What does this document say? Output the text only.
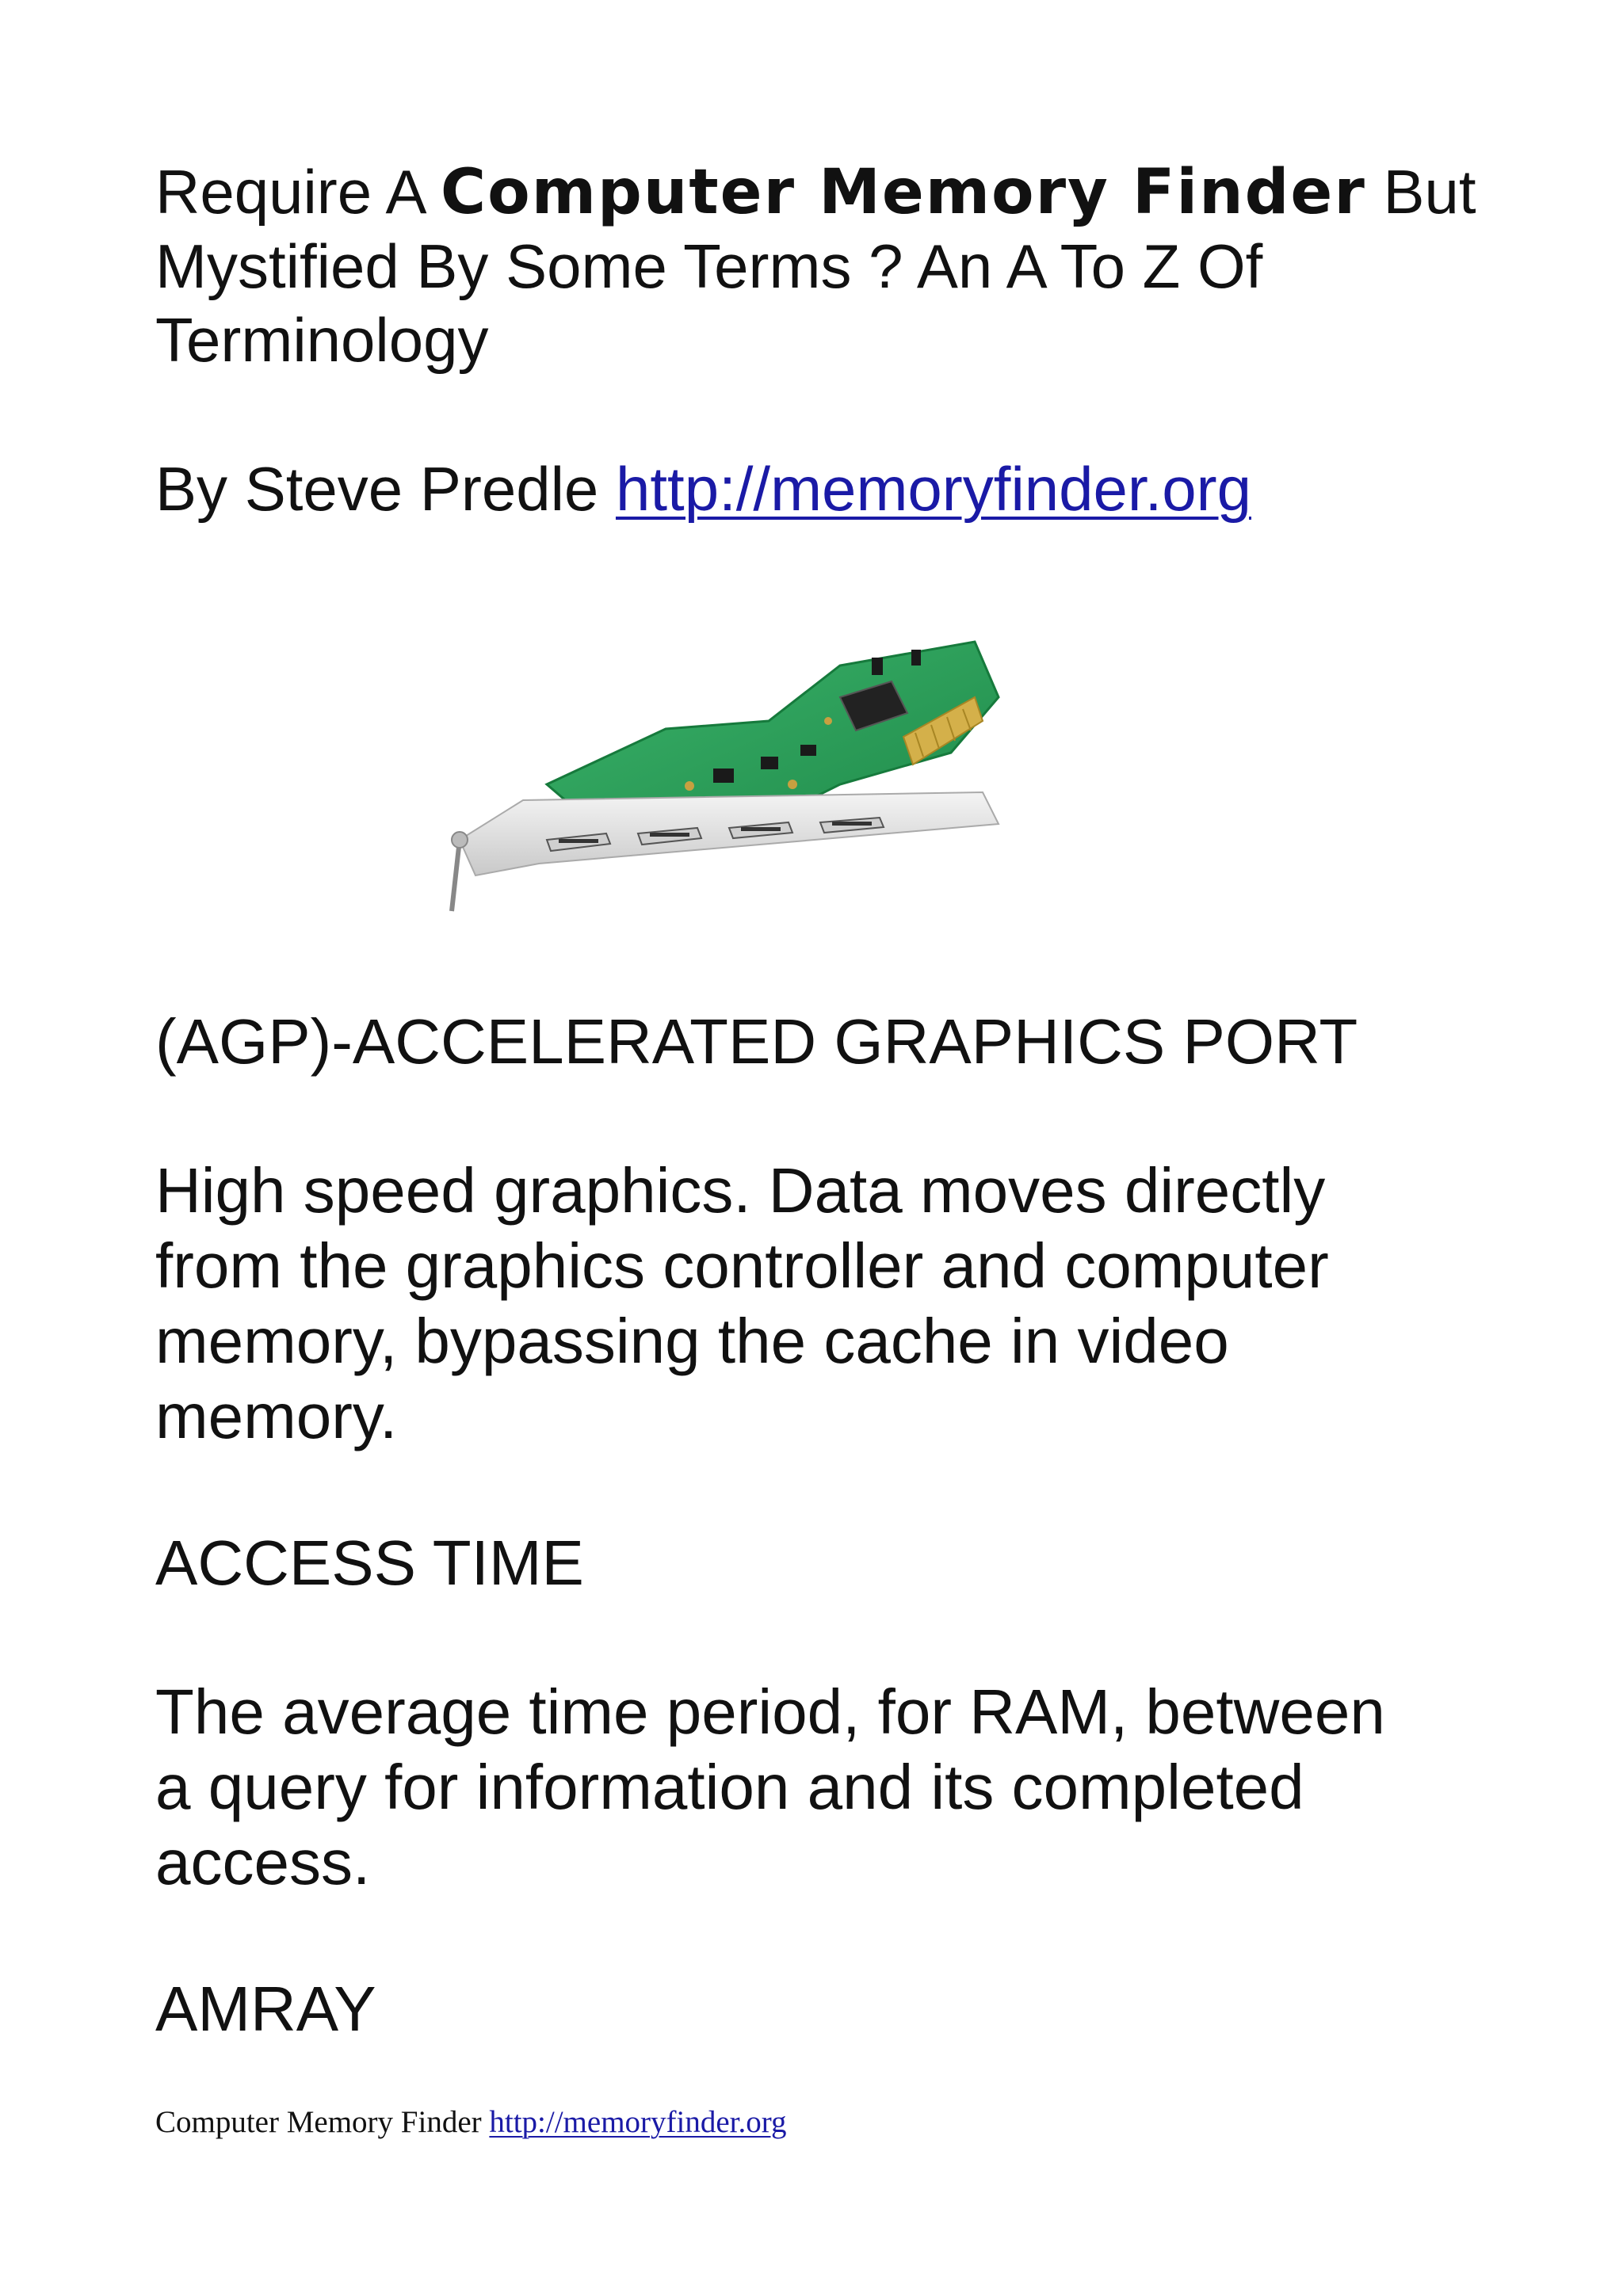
Require A Computer Memory Finder But
Mystified By Some Terms ? An A To Z Of
Terminology
By Steve Predle http://memoryfinder.org
(AGP)-ACCELERATED GRAPHICS PORT
High speed graphics. Data moves directly
from the graphics controller and computer
memory, bypassing the cache in video
memory.
ACCESS TIME
The average time period, for RAM, between
a query for information and its completed
access.
AMRAY
Computer Memory Finder http://memoryfinder.org
